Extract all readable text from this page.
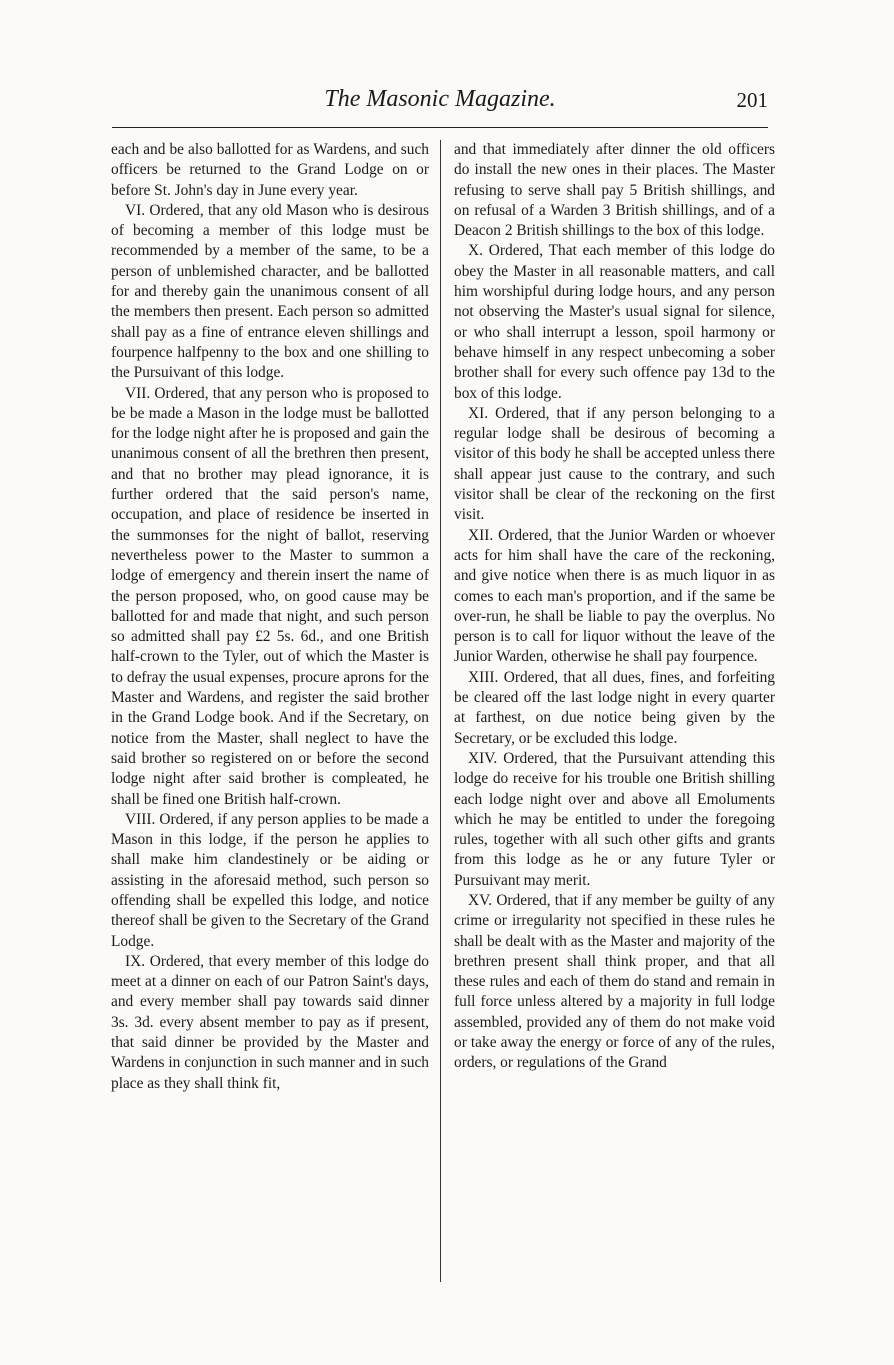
The Masonic Magazine.	201

each and be also ballotted for as Wardens, and such officers be returned to the Grand Lodge on or before St. John's day in June every year.

VI. Ordered, that any old Mason who is desirous of becoming a member of this lodge must be recommended by a member of the same, to be a person of unblemished character, and be ballotted for and thereby gain the unanimous consent of all the members then present. Each person so admitted shall pay as a fine of entrance eleven shillings and fourpence halfpenny to the box and one shilling to the Pursuivant of this lodge.

VII. Ordered, that any person who is proposed to be be made a Mason in the lodge must be ballotted for the lodge night after he is proposed and gain the unanimous consent of all the brethren then present, and that no brother may plead ignorance, it is further ordered that the said person's name, occupation, and place of residence be inserted in the summonses for the night of ballot, reserving nevertheless power to the Master to summon a lodge of emergency and therein insert the name of the person proposed, who, on good cause may be ballotted for and made that night, and such person so admitted shall pay £2 5s. 6d., and one British half-crown to the Tyler, out of which the Master is to defray the usual expenses, procure aprons for the Master and Wardens, and register the said brother in the Grand Lodge book. And if the Secretary, on notice from the Master, shall neglect to have the said brother so registered on or before the second lodge night after said brother is compleated, he shall be fined one British half-crown.

VIII. Ordered, if any person applies to be made a Mason in this lodge, if the person he applies to shall make him clandestinely or be aiding or assisting in the aforesaid method, such person so offending shall be expelled this lodge, and notice thereof shall be given to the Secretary of the Grand Lodge.

IX. Ordered, that every member of this lodge do meet at a dinner on each of our Patron Saint's days, and every member shall pay towards said dinner 3s. 3d. every absent member to pay as if present, that said dinner be provided by the Master and Wardens in conjunction in such manner and in such place as they shall think fit,

and that immediately after dinner the old officers do install the new ones in their places. The Master refusing to serve shall pay 5 British shillings, and on refusal of a Warden 3 British shillings, and of a Deacon 2 British shillings to the box of this lodge.

X. Ordered, That each member of this lodge do obey the Master in all reasonable matters, and call him worshipful during lodge hours, and any person not observing the Master's usual signal for silence, or who shall interrupt a lesson, spoil harmony or behave himself in any respect unbecoming a sober brother shall for every such offence pay 13d to the box of this lodge.

XI. Ordered, that if any person belonging to a regular lodge shall be desirous of becoming a visitor of this body he shall be accepted unless there shall appear just cause to the contrary, and such visitor shall be clear of the reckoning on the first visit.

XII. Ordered, that the Junior Warden or whoever acts for him shall have the care of the reckoning, and give notice when there is as much liquor in as comes to each man's proportion, and if the same be over-run, he shall be liable to pay the overplus. No person is to call for liquor without the leave of the Junior Warden, otherwise he shall pay fourpence.

XIII. Ordered, that all dues, fines, and forfeiting be cleared off the last lodge night in every quarter at farthest, on due notice being given by the Secretary, or be excluded this lodge.

XIV. Ordered, that the Pursuivant attending this lodge do receive for his trouble one British shilling each lodge night over and above all Emoluments which he may be entitled to under the foregoing rules, together with all such other gifts and grants from this lodge as he or any future Tyler or Pursuivant may merit.

XV. Ordered, that if any member be guilty of any crime or irregularity not specified in these rules he shall be dealt with as the Master and majority of the brethren present shall think proper, and that all these rules and each of them do stand and remain in full force unless altered by a majority in full lodge assembled, provided any of them do not make void or take away the energy or force of any of the rules, orders, or regulations of the Grand
